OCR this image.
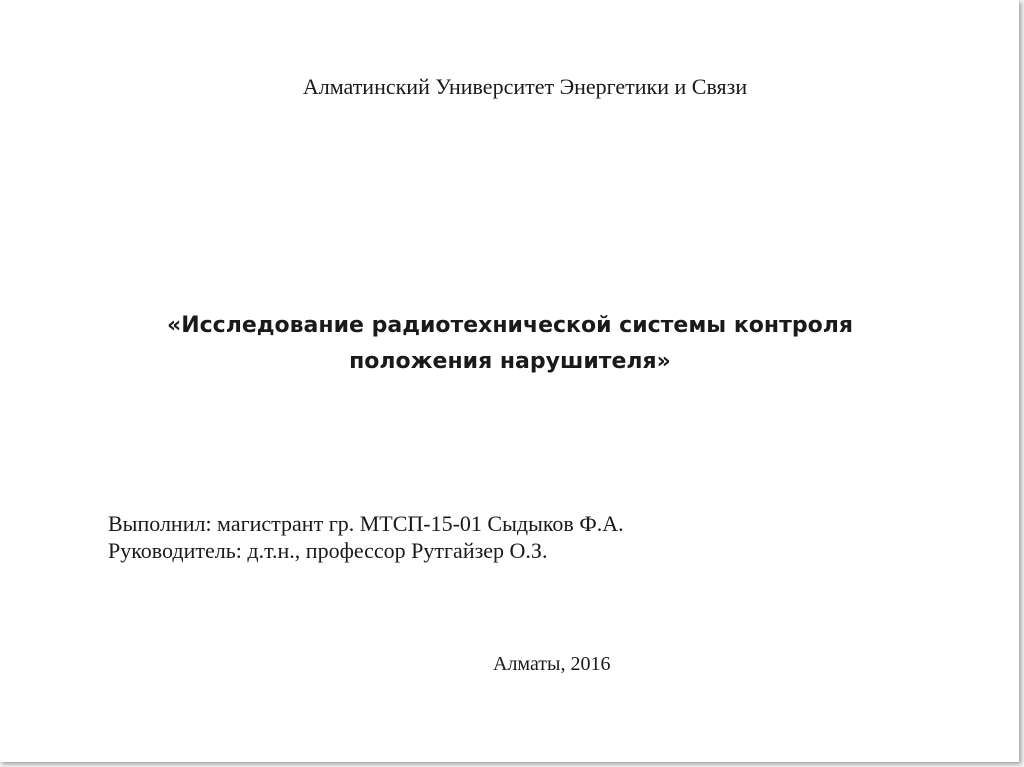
Алматинский Университет Энергетики и Связи
«Исследование радиотехнической системы контроля
положения нарушителя»
Выполнил: магистрант гр. МТСП-15-01 Сыдыков Ф.А.
Руководитель: д.т.н., профессор Рутгайзер О.З.
Алматы, 2016
